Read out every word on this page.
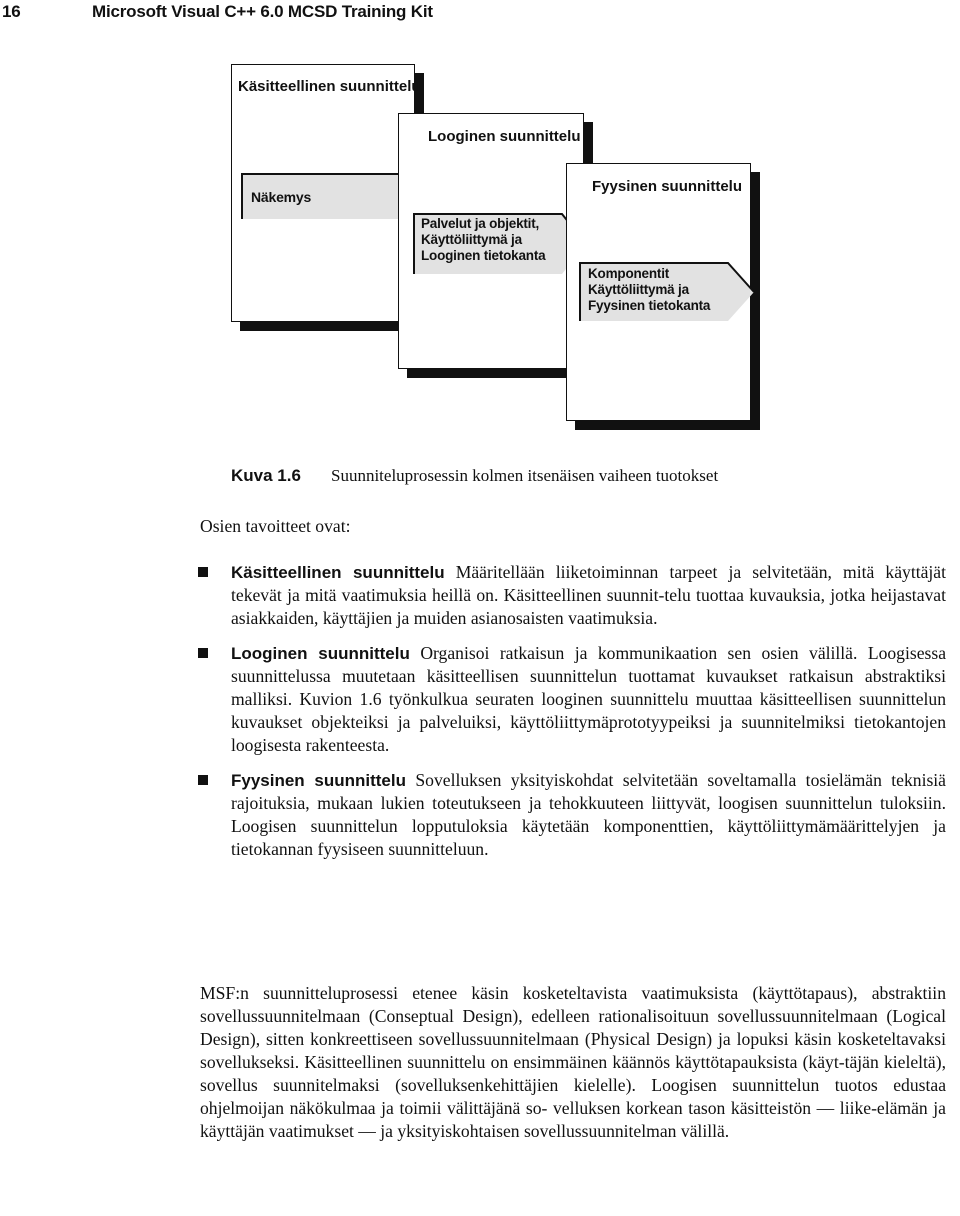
16	Microsoft Visual C++ 6.0 MCSD Training Kit
Käsitteellinen suunnittelu
Näkemys
Looginen suunnittelu
Palvelut ja objektit,
Käyttöliittymä ja
Looginen tietokanta
Fyysinen suunnittelu
Komponentit
Käyttöliittymä ja
Fyysinen tietokanta
Kuva 1.6 Suunniteluprosessin kolmen itsenäisen vaiheen tuotokset
Osien tavoitteet ovat:
Käsitteellinen suunnittelu Määritellään liiketoiminnan tarpeet ja selvitetään, mitä käyttäjät tekevät ja mitä vaatimuksia heillä on. Käsitteellinen suunnit-telu tuottaa kuvauksia, jotka heijastavat asiakkaiden, käyttäjien ja muiden asianosaisten vaatimuksia.
Looginen suunnittelu Organisoi ratkaisun ja kommunikaation sen osien välillä. Loogisessa suunnittelussa muutetaan käsitteellisen suunnittelun tuottamat kuvaukset ratkaisun abstraktiksi malliksi. Kuvion 1.6 työnkulkua seuraten looginen suunnittelu muuttaa käsitteellisen suunnittelun kuvaukset objekteiksi ja palveluiksi, käyttöliittymäprototyypeiksi ja suunnitelmiksi tietokantojen loogisesta rakenteesta.
Fyysinen suunnittelu Sovelluksen yksityiskohdat selvitetään soveltamalla tosielämän teknisiä rajoituksia, mukaan lukien toteutukseen ja tehokkuuteen liittyvät, loogisen suunnittelun tuloksiin. Loogisen suunnittelun lopputuloksia käytetään komponenttien, käyttöliittymämäärittelyjen ja tietokannan fyysiseen suunnitteluun.

MSF:n suunnitteluprosessi etenee käsin kosketeltavista vaatimuksista (käyttötapaus), abstraktiin sovellussuunnitelmaan (Conseptual Design), edelleen rationalisoituun sovellussuunnitelmaan (Logical Design), sitten konkreettiseen sovellussuunnitelmaan (Physical Design) ja lopuksi käsin kosketeltavaksi sovellukseksi. Käsitteellinen suunnittelu on ensimmäinen käännös käyttötapauksista (käyt-täjän kieleltä), sovellus suunnitelmaksi (sovelluksenkehittäjien kielelle). Loogisen suunnittelun tuotos edustaa ohjelmoijan näkökulmaa ja toimii välittäjänä so- velluksen korkean tason käsitteistön — liike-elämän ja käyttäjän vaatimukset — ja yksityiskohtaisen sovellussuunnitelman välillä.
